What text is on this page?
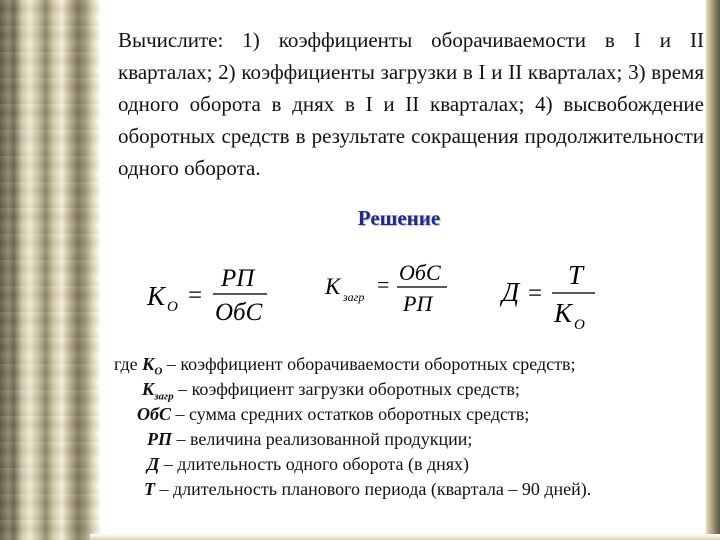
Вычислите: 1) коэффициенты оборачиваемости в I и II кварталах; 2) коэффициенты загрузки в I и II кварталах; 3) время одного оборота в днях в I и II кварталах; 4) высвобождение оборотных средств в результате сокращения продолжительности одного оборота.
Решение
К О =
РП
ОбС
К загр = ОбС
РП	Д =
Т
К О
где $К_О$ – коэффициент оборачиваемости оборотных средств;
$К_{загр}$ – коэффициент загрузки оборотных средств;
ОбС – сумма средних остатков оборотных средств;
РП – величина реализованной продукции;
Д – длительность одного оборота (в днях)
Т – длительность планового периода (квартала – 90 дней).
